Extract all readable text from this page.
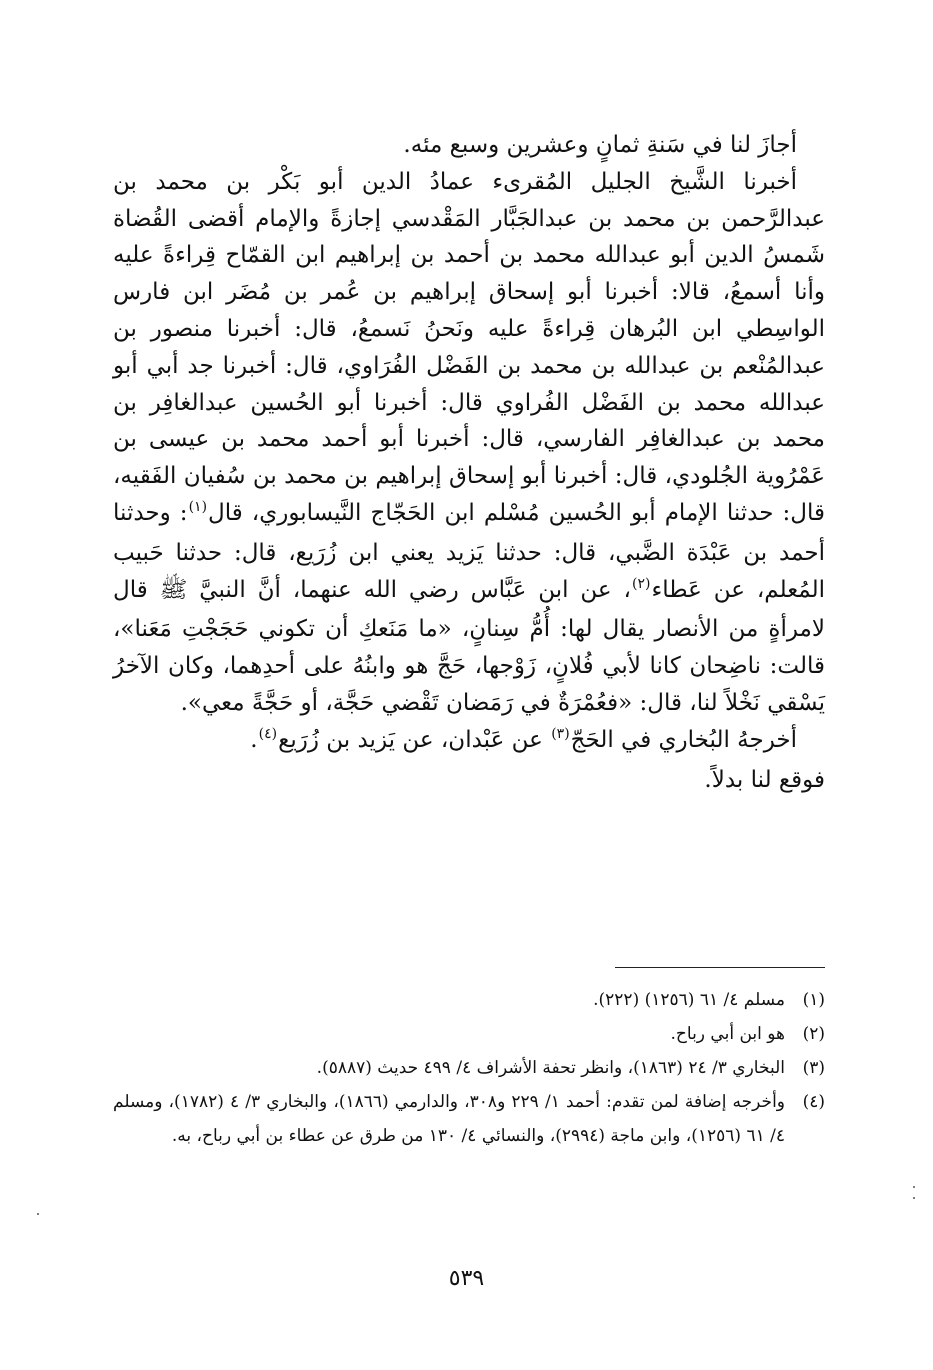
أجازَ لنا في سَنةِ ثمانٍ وعشرين وسبع مئه.

أخبرنا الشَّيخ الجليل المُقرىء عمادُ الدين أبو بَكْر بن محمد بن عبدالرَّحمن بن محمد بن عبدالجَبَّار المَقْدسي إجازةً والإمام أقضى القُضاة شَمسُ الدين أبو عبدالله محمد بن أحمد بن إبراهيم ابن القمّاح قِراءةً عليه وأنا أسمعُ، قالا: أخبرنا أبو إسحاق إبراهيم بن عُمر بن مُضَر ابن فارس الواسِطي ابن البُرهان قِراءةً عليه ونَحنُ نَسمعُ، قال: أخبرنا منصور بن عبدالمُنْعم بن عبدالله بن محمد بن الفَضْل الفُرَاوي، قال: أخبرنا جد أبي أبو عبدالله محمد بن الفَضْل الفُراوي قال: أخبرنا أبو الحُسين عبدالغافِر بن محمد بن عبدالغافِر الفارسي، قال: أخبرنا أبو أحمد محمد بن عيسى بن عَمْرُوية الجُلودي، قال: أخبرنا أبو إسحاق إبراهيم بن محمد بن سُفيان الفَقيه، قال: حدثنا الإمام أبو الحُسين مُسْلم ابن الحَجّاج النَّيسابوري، قال$^{(١)}$: وحدثنا أحمد بن عَبْدَة الضَّبي، قال: حدثنا يَزيد يعني ابن زُرَيع، قال: حدثنا حَبيب المُعلم، عن عَطاء$^{(٢)}$، عن ابن عَبَّاس رضي الله عنهما، أنَّ النبيَّ ﷺ قال لامرأةٍ من الأنصار يقال لها: أُمُّ سِنانٍ، «ما مَنَعكِ أن تكوني حَجَجْتِ مَعَنا»، قالت: ناضِحان كانا لأبي فُلانٍ، زَوْجها، حَجَّ هو وابنُهُ على أحدِهما، وكان الآخرُ يَسْقي نَخْلاً لنا، قال: «فعُمْرَةٌ في رَمَضان تَقْضي حَجَّة، أو حَجَّةً معي».

أخرجهُ البُخاري في الحَجّ$^{(٣)}$ عن عَبْدان، عن يَزيد بن زُرَيع$^{(٤)}$.

فوقع لنا بدلاً.

(١)
مسلم ٤/ ٦١ (١٢٥٦) (٢٢٢).
(٢)
هو ابن أبي رباح.
(٣)
البخاري ٣/ ٢٤ (١٨٦٣)، وانظر تحفة الأشراف ٤/ ٤٩٩ حديث (٥٨٨٧).
(٤)
وأخرجه إضافة لمن تقدم: أحمد ١/ ٢٢٩ و٣٠٨، والدارمي (١٨٦٦)، والبخاري ٣/ ٤ (١٧٨٢)، ومسلم ٤/ ٦١ (١٢٥٦)، وابن ماجة (٢٩٩٤)، والنسائي ٤/ ١٣٠ من طرق عن عطاء بن أبي رباح، به.
٥٣٩
